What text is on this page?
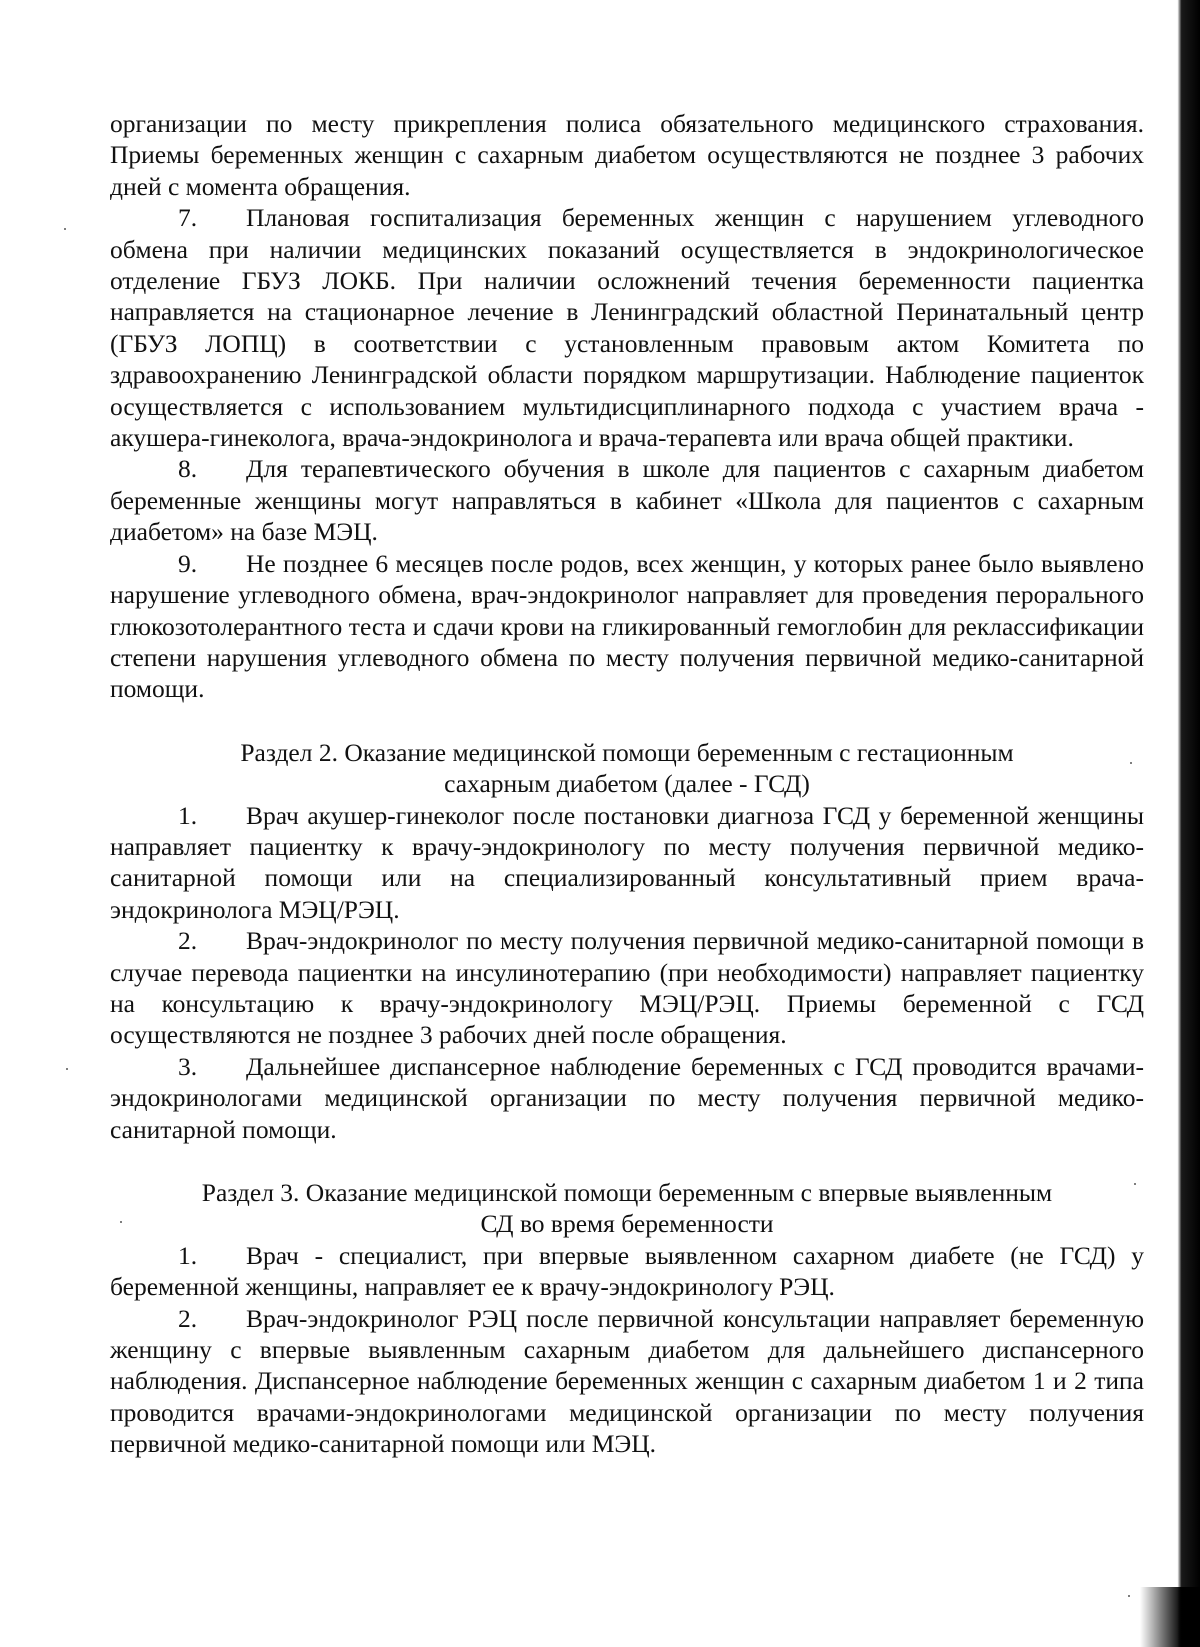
организации по месту прикрепления полиса обязательного медицинского страхования. Приемы беременных женщин с сахарным диабетом осуществляются не позднее 3 рабочих дней с момента обращения.

7. Плановая госпитализация беременных женщин с нарушением углеводного обмена при наличии медицинских показаний осуществляется в эндокринологическое отделение ГБУЗ ЛОКБ. При наличии осложнений течения беременности пациентка направляется на стационарное лечение в Ленинградский областной Перинатальный центр (ГБУЗ ЛОПЦ) в соответствии с установленным правовым актом Комитета по здравоохранению Ленинградской области порядком маршрутизации. Наблюдение пациенток осуществляется с использованием мультидисциплинарного подхода с участием врача - акушера-гинеколога, врача-эндокринолога и врача-терапевта или врача общей практики.

8. Для терапевтического обучения в школе для пациентов с сахарным диабетом беременные женщины могут направляться в кабинет «Школа для пациентов с сахарным диабетом» на базе МЭЦ.

9. Не позднее 6 месяцев после родов, всех женщин, у которых ранее было выявлено нарушение углеводного обмена, врач-эндокринолог направляет для проведения перорального глюкозотолерантного теста и сдачи крови на гликированный гемоглобин для реклассификации степени нарушения углеводного обмена по месту получения первичной медико-санитарной помощи.

Раздел 2. Оказание медицинской помощи беременным с гестационным
сахарным диабетом (далее - ГСД)

1. Врач акушер-гинеколог после постановки диагноза ГСД у беременной женщины направляет пациентку к врачу-эндокринологу по месту получения первичной медико-санитарной помощи или на специализированный консультативный прием врача-эндокринолога МЭЦ/РЭЦ.

2. Врач-эндокринолог по месту получения первичной медико-санитарной помощи в случае перевода пациентки на инсулинотерапию (при необходимости) направляет пациентку на консультацию к врачу-эндокринологу МЭЦ/РЭЦ. Приемы беременной с ГСД осуществляются не позднее 3 рабочих дней после обращения.

3. Дальнейшее диспансерное наблюдение беременных с ГСД проводится врачами-эндокринологами медицинской организации по месту получения первичной медико-санитарной помощи.

Раздел 3. Оказание медицинской помощи беременным с впервые выявленным
СД во время беременности

1. Врач - специалист, при впервые выявленном сахарном диабете (не ГСД) у беременной женщины, направляет ее к врачу-эндокринологу РЭЦ.

2. Врач-эндокринолог РЭЦ после первичной консультации направляет беременную женщину с впервые выявленным сахарным диабетом для дальнейшего диспансерного наблюдения. Диспансерное наблюдение беременных женщин с сахарным диабетом 1 и 2 типа проводится врачами-эндокринологами медицинской организации по месту получения первичной медико-санитарной помощи или МЭЦ.
